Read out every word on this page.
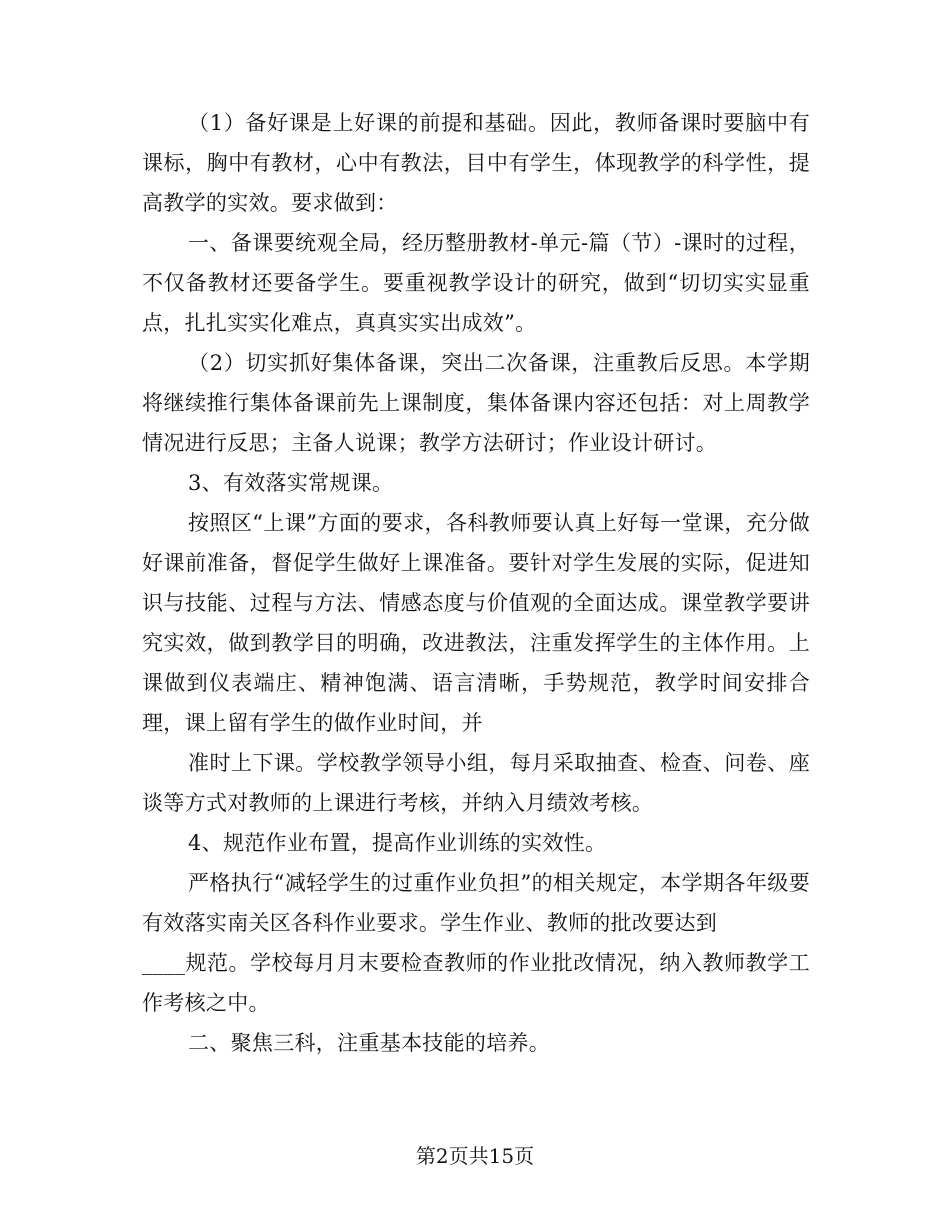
（1）备好课是上好课的前提和基础。因此，教师备课时要脑中有课标，胸中有教材，心中有教法，目中有学生，体现教学的科学性，提高教学的实效。要求做到：

一、备课要统观全局，经历整册教材-单元-篇（节）-课时的过程，不仅备教材还要备学生。要重视教学设计的研究，做到“切切实实显重点，扎扎实实化难点，真真实实出成效”。

（2）切实抓好集体备课，突出二次备课，注重教后反思。本学期将继续推行集体备课前先上课制度，集体备课内容还包括：对上周教学情况进行反思；主备人说课；教学方法研讨；作业设计研讨。

3、有效落实常规课。

按照区“上课”方面的要求，各科教师要认真上好每一堂课，充分做好课前准备，督促学生做好上课准备。要针对学生发展的实际，促进知识与技能、过程与方法、情感态度与价值观的全面达成。课堂教学要讲究实效，做到教学目的明确，改进教法，注重发挥学生的主体作用。上课做到仪表端庄、精神饱满、语言清晰，手势规范，教学时间安排合理，课上留有学生的做作业时间，并

准时上下课。学校教学领导小组，每月采取抽查、检查、问卷、座谈等方式对教师的上课进行考核，并纳入月绩效考核。

4、规范作业布置，提高作业训练的实效性。

严格执行“减轻学生的过重作业负担”的相关规定，本学期各年级要有效落实南关区各科作业要求。学生作业、教师的批改要达到

____规范。学校每月月末要检查教师的作业批改情况，纳入教师教学工作考核之中。

二、聚焦三科，注重基本技能的培养。

第2页共15页
